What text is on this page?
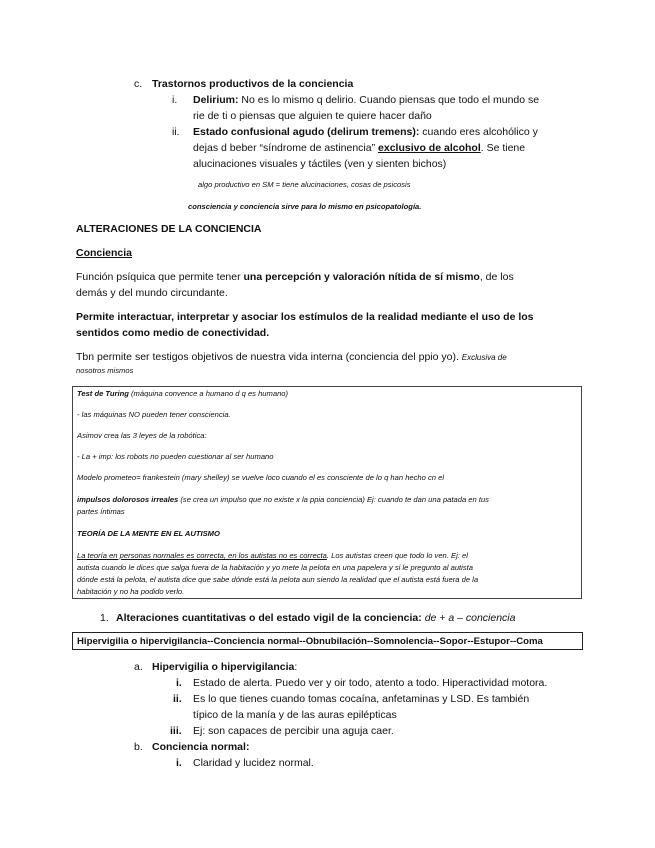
c. Trastornos productivos de la conciencia
i. Delirium: No es lo mismo q delirio. Cuando piensas que todo el mundo se
rie de ti o piensas que alguien te quiere hacer daño
ii. Estado confusional agudo (delirum tremens): cuando eres alcohólico y
dejas d beber “síndrome de astinencia” exclusivo de alcohol. Se tiene
alucinaciones visuales y táctiles (ven y sienten bichos)
algo productivo en SM = tiene alucinaciones, cosas de psicosis
consciencia y conciencia sirve para lo mismo en psicopatología.
ALTERACIONES DE LA CONCIENCIA
Conciencia
Función psíquica que permite tener una percepción y valoración nítida de sí mismo, de los
demás y del mundo circundante.
Permite interactuar, interpretar y asociar los estímulos de la realidad mediante el uso de los
sentidos como medio de conectividad.
Tbn permite ser testigos objetivos de nuestra vida interna (conciencia del ppio yo). Exclusiva de
nosotros mismos
Test de Turing (máquina convence a humano d q es humano)
- las máquinas NO pueden tener consciencia.
Asimov crea las 3 leyes de la robótica:
- La + imp: los robots no pueden cuestionar al ser humano
Modelo prometeo= frankestein (mary shelley) se vuelve loco cuando el es consciente de lo q han hecho cn el
impulsos dolorosos irreales (se crea un impulso que no existe x la ppia conciencia) Ej: cuando te dan una patada en tus
partes íntimas
TEORÍA DE LA MENTE EN EL AUTISMO
La teoría en personas normales es correcta, en los autistas no es correcta. Los autistas creen que todo lo ven. Ej: el
autista cuando le dices que salga fuera de la habitación y yo mete la pelota en una papelera y si le pregunto al autista
dónde está la pelota, el autista dice que sabe dónde está la pelota aun siendo la realidad que el autista está fuera de la
habitación y no ha podido verlo.
1. Alteraciones cuantitativas o del estado vigil de la conciencia: de + a – conciencia
Hipervigilia o hipervigilancia--Conciencia normal--Obnubilación--Somnolencia--Sopor--Estupor--Coma
a. Hipervigilia o hipervigilancia:
i. Estado de alerta. Puedo ver y oir todo, atento a todo. Hiperactividad motora.
ii. Es lo que tienes cuando tomas cocaína, anfetaminas y LSD. Es también
típico de la manía y de las auras epilépticas
iii. Ej: son capaces de percibir una aguja caer.
b. Conciencia normal:
i. Claridad y lucidez normal.
